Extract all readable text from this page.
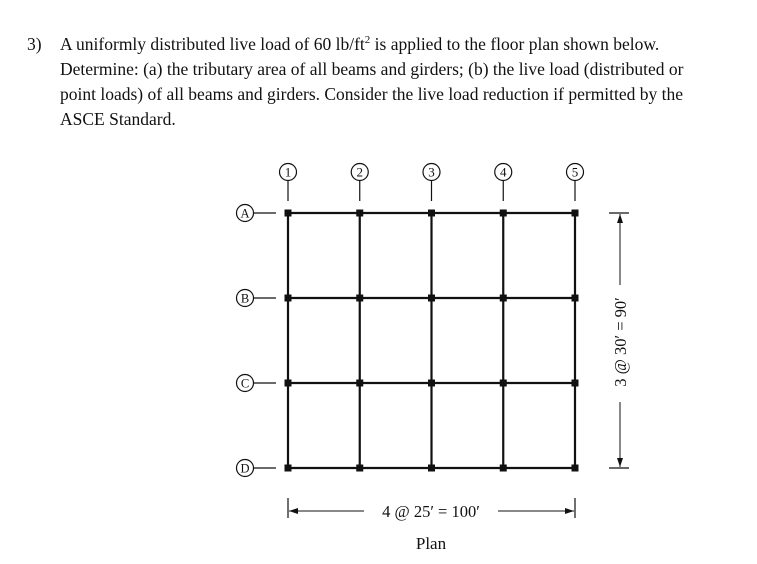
3) A uniformly distributed live load of 60 $lb/ft^2$ is applied to the floor plan shown below.

Determine: (a) the tributary area of all beams and girders; (b) the live load (distributed or

point loads) of all beams and girders. Consider the live load reduction if permitted by the

ASCE Standard.

1	2	3	4	5
A
B
C
D
4 @ 25′ = 100′
3 @ 30′ = 90′
Plan
